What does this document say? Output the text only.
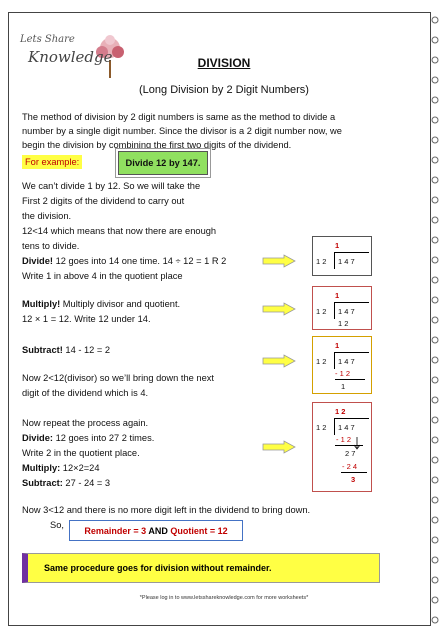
Lets Share
Knowledge	DIVISION
(Long Division by 2 Digit Numbers)
The method of division by 2 digit numbers is same as the method to divide a
number by a single digit number. Since the divisor is a 2 digit number now, we
begin the division by combining the first two digits of the dividend.
For example:	Divide 12 by 147.
We can’t divide 1 by 12. So we will take the
First 2 digits of the dividend to carry out
the division.
12<14 which means that now there are enough
tens to divide.
Divide! 12 goes into 14 one time. 14 ÷ 12 = 1 R 2
Write 1 in above 4 in the quotient place
Multiply! Multiply divisor and quotient.
12 × 1 = 12. Write 12 under 14.
Subtract! 14 - 12 = 2
Now 2<12(divisor) so we’ll bring down the next
digit of the dividend which is 4.
Now repeat the process again.
Divide: 12 goes into 27 2 times.
Write 2 in the quotient place.
Multiply: 12×2=24
Subtract: 27 - 24 = 3
Now 3<12 and there is no more digit left in the dividend to bring down.
So,
1
1 2 1 4 7
1
1 2 1 4 7
1 2
1
1 2 1 4 7
- 1 2
1
1 2
1 2 1 4 7
- 1 2
2 7
- 2 4
3
Remainder = 3 AND Quotient = 12
Same procedure goes for division without remainder.
*Please log in to www.letsshareknowledge.com for more worksheets*
